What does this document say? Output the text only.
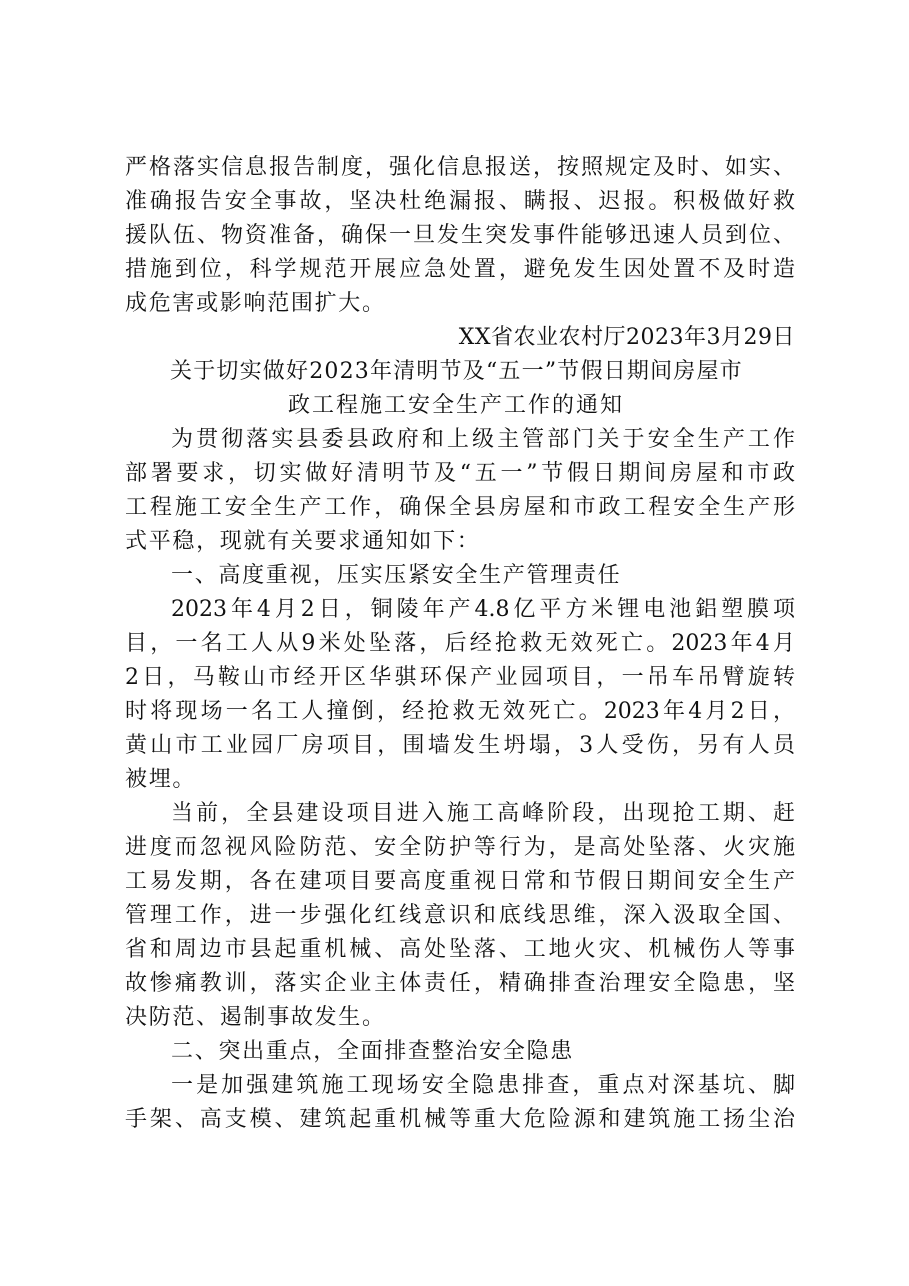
严格落实信息报告制度，强化信息报送，按照规定及时、如实、
准确报告安全事故，坚决杜绝漏报、瞒报、迟报。积极做好救
援队伍、物资准备，确保一旦发生突发事件能够迅速人员到位、
措施到位，科学规范开展应急处置，避免发生因处置不及时造
成危害或影响范围扩大。
XX省农业农村厅2023年3月29日
关于切实做好2023年清明节及“五一”节假日期间房屋市
政工程施工安全生产工作的通知
为贯彻落实县委县政府和上级主管部门关于安全生产工作
部署要求，切实做好清明节及“五一”节假日期间房屋和市政
工程施工安全生产工作，确保全县房屋和市政工程安全生产形
式平稳，现就有关要求通知如下：
一、高度重视，压实压紧安全生产管理责任
2023年4月2日，铜陵年产4.8亿平方米锂电池鋁塑膜项
目，一名工人从9米处坠落，后经抢救无效死亡。2023年4月
2日，马鞍山市经开区华骐环保产业园项目，一吊车吊臂旋转
时将现场一名工人撞倒，经抢救无效死亡。2023年4月2日，
黄山市工业园厂房项目，围墙发生坍塌，3人受伤，另有人员
被埋。
当前，全县建设项目进入施工高峰阶段，出现抢工期、赶
进度而忽视风险防范、安全防护等行为，是高处坠落、火灾施
工易发期，各在建项目要高度重视日常和节假日期间安全生产
管理工作，进一步强化红线意识和底线思维，深入汲取全国、
省和周边市县起重机械、高处坠落、工地火灾、机械伤人等事
故惨痛教训，落实企业主体责任，精确排查治理安全隐患，坚
决防范、遏制事故发生。
二、突出重点，全面排查整治安全隐患
一是加强建筑施工现场安全隐患排查，重点对深基坑、脚
手架、高支模、建筑起重机械等重大危险源和建筑施工扬尘治
